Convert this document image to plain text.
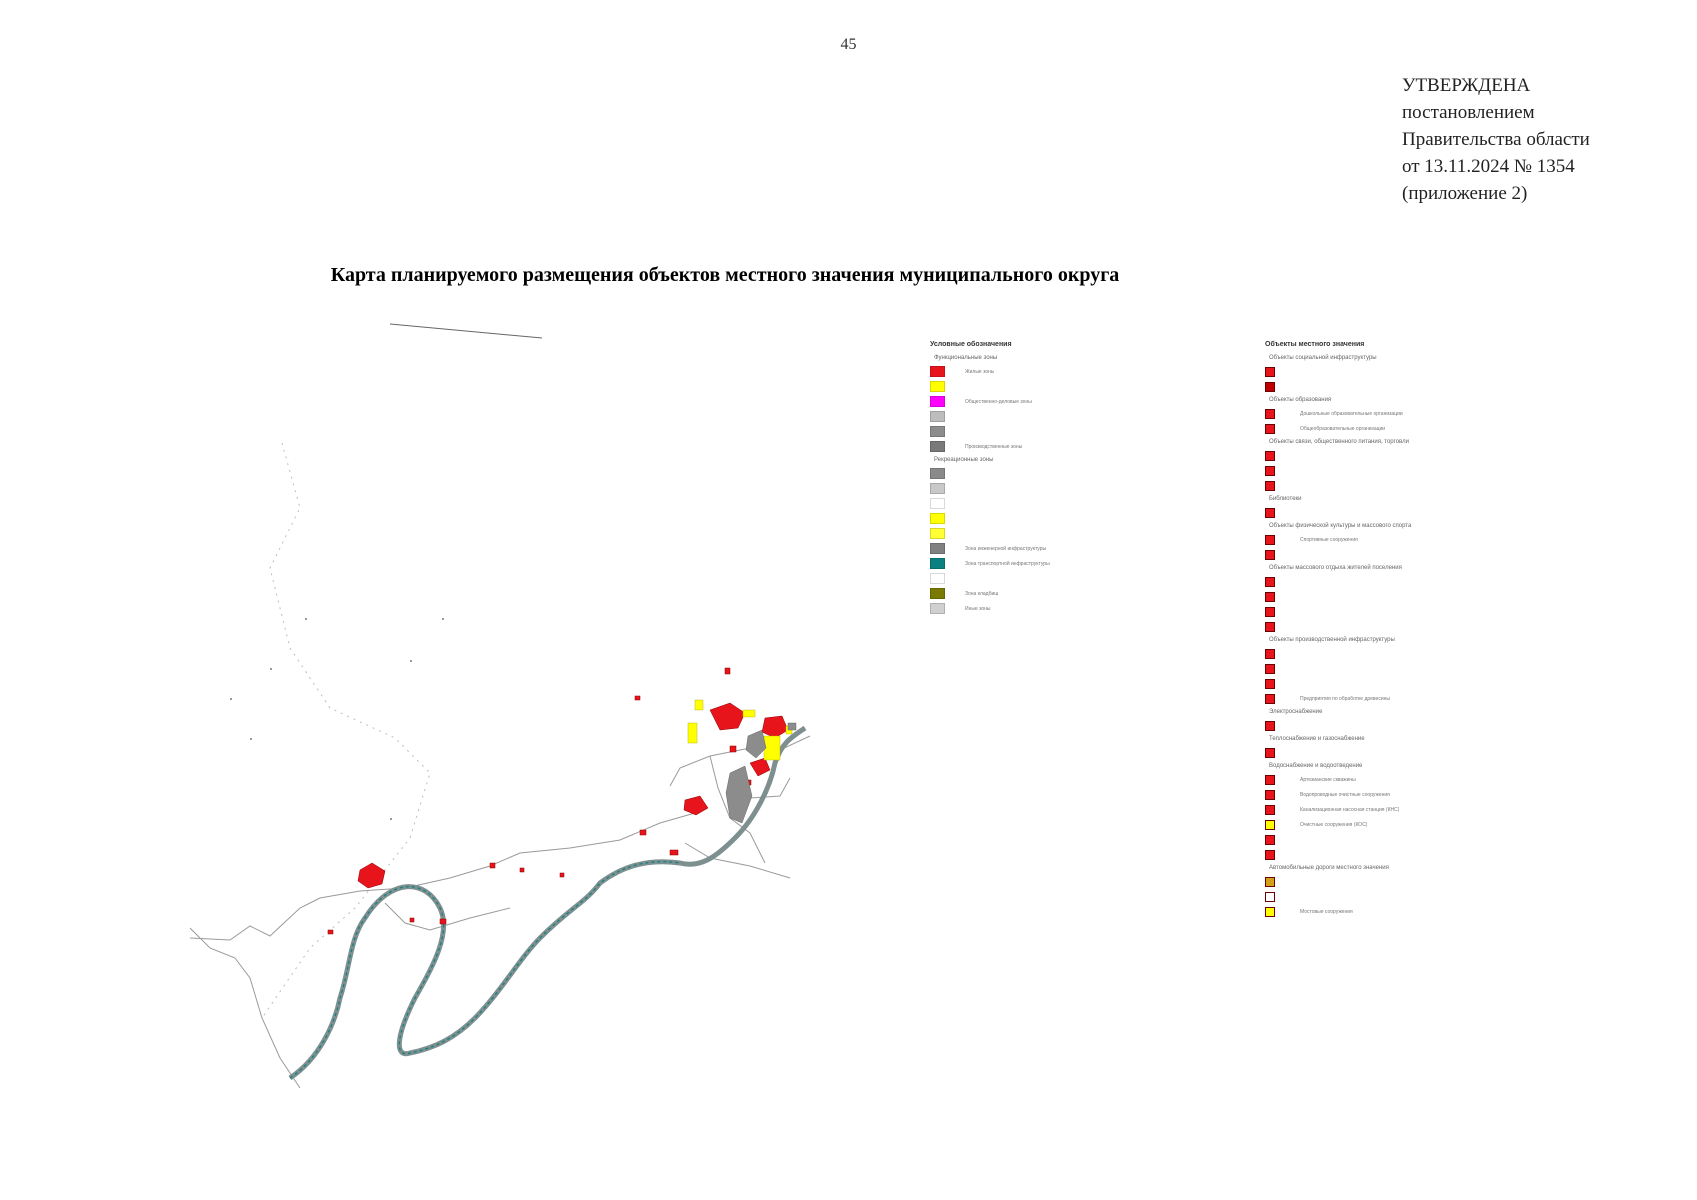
45
УТВЕРЖДЕНА
постановлением
Правительства области
от 13.11.2024 № 1354
(приложение 2)
Карта планируемого размещения объектов местного значения муниципального округа
Условные обозначения
Функциональные зоны
Жилые зоны
Общественно-деловые зоны
Производственные зоны
Рекреационные зоны
Зона инженерной инфраструктуры
Зона транспортной инфраструктуры
Зона кладбищ
Иные зоны
Объекты местного значения
Объекты социальной инфраструктуры
Объекты образования
Дошкольные образовательные организации
Общеобразовательные организации
Объекты связи, общественного питания, торговли
Библиотеки
Объекты физической культуры и массового спорта
Спортивные сооружения
Объекты массового отдыха жителей поселения
Объекты производственной инфраструктуры
Предприятия по обработке древесины
Электроснабжение
Теплоснабжение и газоснабжение
Водоснабжение и водоотведение
Артезианские скважины
Водопроводные очистные сооружения
Канализационная насосная станция (КНС)
Очистные сооружения (КОС)
Автомобильные дороги местного значения
Мостовые сооружения
